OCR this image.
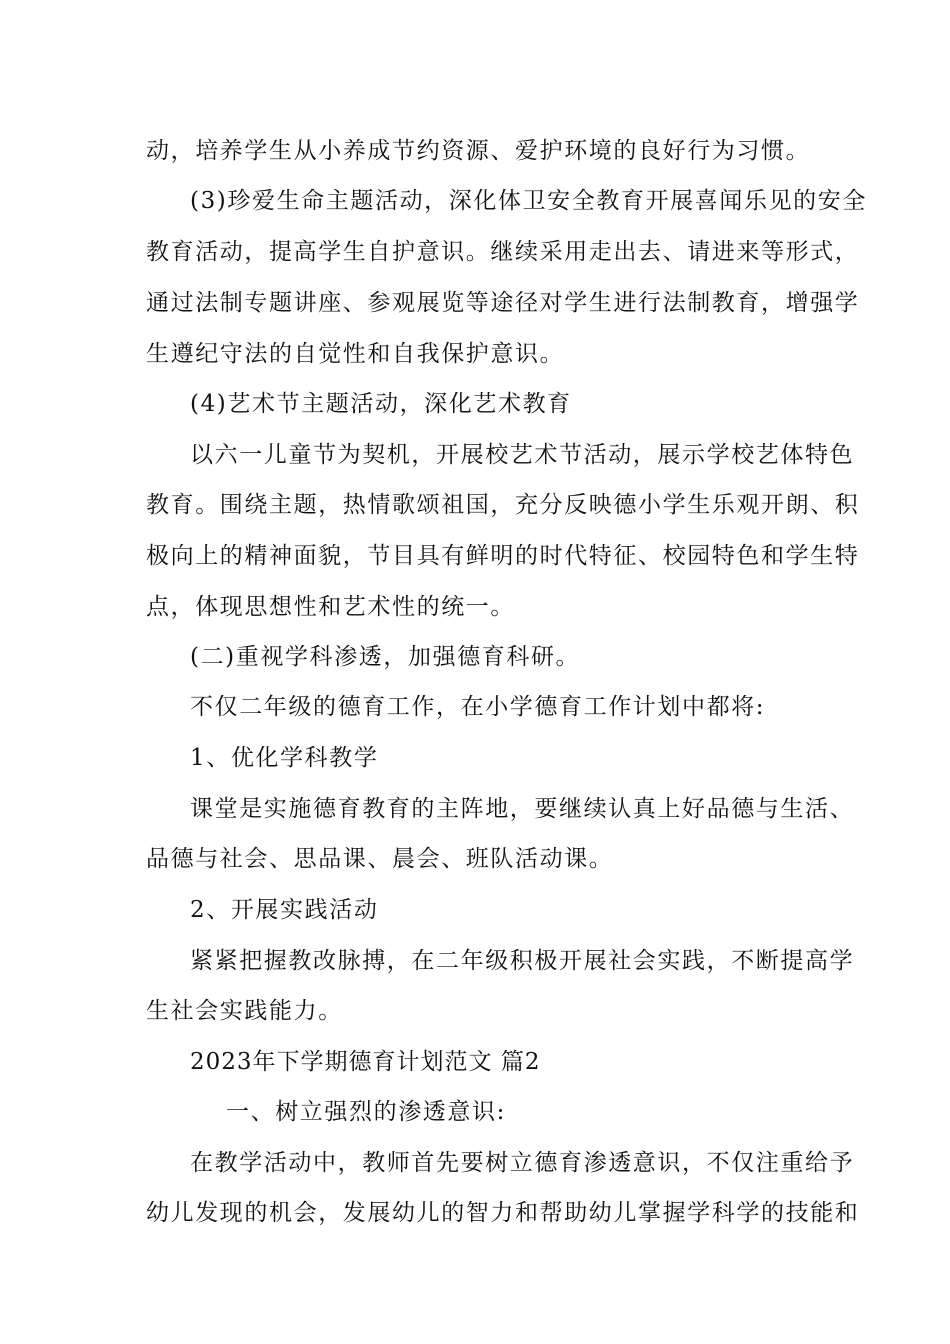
动，培养学生从小养成节约资源、爱护环境的良好行为习惯。
(3)珍爱生命主题活动，深化体卫安全教育开展喜闻乐见的安全
教育活动，提高学生自护意识。继续采用走出去、请进来等形式，
通过法制专题讲座、参观展览等途径对学生进行法制教育，增强学
生遵纪守法的自觉性和自我保护意识。
(4)艺术节主题活动，深化艺术教育
以六一儿童节为契机，开展校艺术节活动，展示学校艺体特色
教育。围绕主题，热情歌颂祖国，充分反映德小学生乐观开朗、积
极向上的精神面貌，节目具有鲜明的时代特征、校园特色和学生特
点，体现思想性和艺术性的统一。
(二)重视学科渗透，加强德育科研。
不仅二年级的德育工作，在小学德育工作计划中都将:
1、优化学科教学
课堂是实施德育教育的主阵地，要继续认真上好品德与生活、
品德与社会、思品课、晨会、班队活动课。
2、开展实践活动
紧紧把握教改脉搏，在二年级积极开展社会实践，不断提高学
生社会实践能力。
2023年下学期德育计划范文 篇2
一、树立强烈的渗透意识:
在教学活动中，教师首先要树立德育渗透意识，不仅注重给予
幼儿发现的机会，发展幼儿的智力和帮助幼儿掌握学科学的技能和
